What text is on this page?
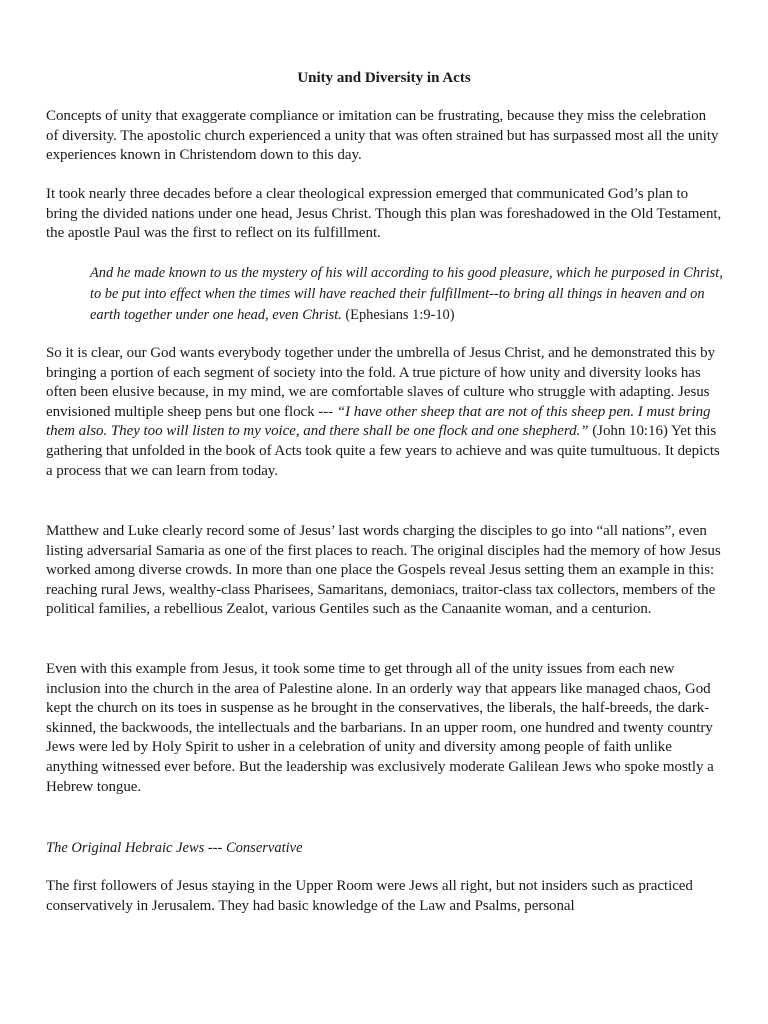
Unity and Diversity in Acts

Concepts of unity that exaggerate compliance or imitation can be frustrating, because they miss the celebration of diversity. The apostolic church experienced a unity that was often strained but has surpassed most all the unity experiences known in Christendom down to this day.

It took nearly three decades before a clear theological expression emerged that communicated God’s plan to bring the divided nations under one head, Jesus Christ. Though this plan was foreshadowed in the Old Testament, the apostle Paul was the first to reflect on its fulfillment.

And he made known to us the mystery of his will according to his good pleasure, which he purposed in Christ, to be put into effect when the times will have reached their fulfillment--to bring all things in heaven and on earth together under one head, even Christ. (Ephesians 1:9-10)

So it is clear, our God wants everybody together under the umbrella of Jesus Christ, and he demonstrated this by bringing a portion of each segment of society into the fold. A true picture of how unity and diversity looks has often been elusive because, in my mind, we are comfortable slaves of culture who struggle with adapting. Jesus envisioned multiple sheep pens but one flock --- “I have other sheep that are not of this sheep pen. I must bring them also. They too will listen to my voice, and there shall be one flock and one shepherd.” (John 10:16) Yet this gathering that unfolded in the book of Acts took quite a few years to achieve and was quite tumultuous. It depicts a process that we can learn from today.

Matthew and Luke clearly record some of Jesus’ last words charging the disciples to go into “all nations”, even listing adversarial Samaria as one of the first places to reach. The original disciples had the memory of how Jesus worked among diverse crowds. In more than one place the Gospels reveal Jesus setting them an example in this: reaching rural Jews, wealthy-class Pharisees, Samaritans, demoniacs, traitor-class tax collectors, members of the political families, a rebellious Zealot, various Gentiles such as the Canaanite woman, and a centurion.

Even with this example from Jesus, it took some time to get through all of the unity issues from each new inclusion into the church in the area of Palestine alone. In an orderly way that appears like managed chaos, God kept the church on its toes in suspense as he brought in the conservatives, the liberals, the half-breeds, the dark-skinned, the backwoods, the intellectuals and the barbarians. In an upper room, one hundred and twenty country Jews were led by Holy Spirit to usher in a celebration of unity and diversity among people of faith unlike anything witnessed ever before. But the leadership was exclusively moderate Galilean Jews who spoke mostly a Hebrew tongue.

The Original Hebraic Jews --- Conservative

The first followers of Jesus staying in the Upper Room were Jews all right, but not insiders such as practiced conservatively in Jerusalem. They had basic knowledge of the Law and Psalms, personal
